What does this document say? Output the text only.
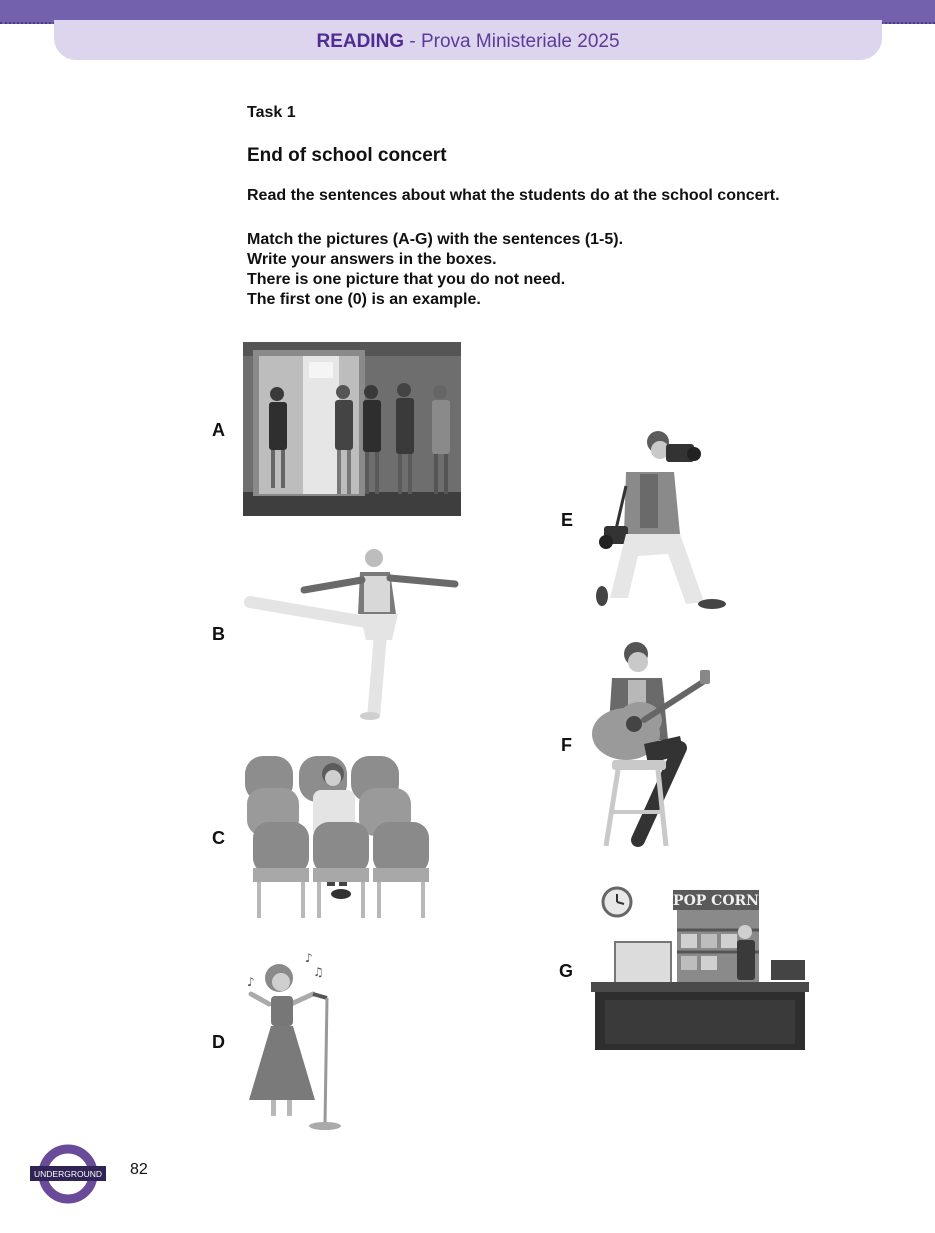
READING - Prova Ministeriale 2025
Task 1
End of school concert
Read the sentences about what the students do at the school concert.
Match the pictures (A-G) with the sentences (1-5).
Write your answers in the boxes.
There is one picture that you do not need.
The first one (0) is an example.
A
B
C
D
♪
♫
♪
E
F
G
POP CORN
UNDERGROUND 82
